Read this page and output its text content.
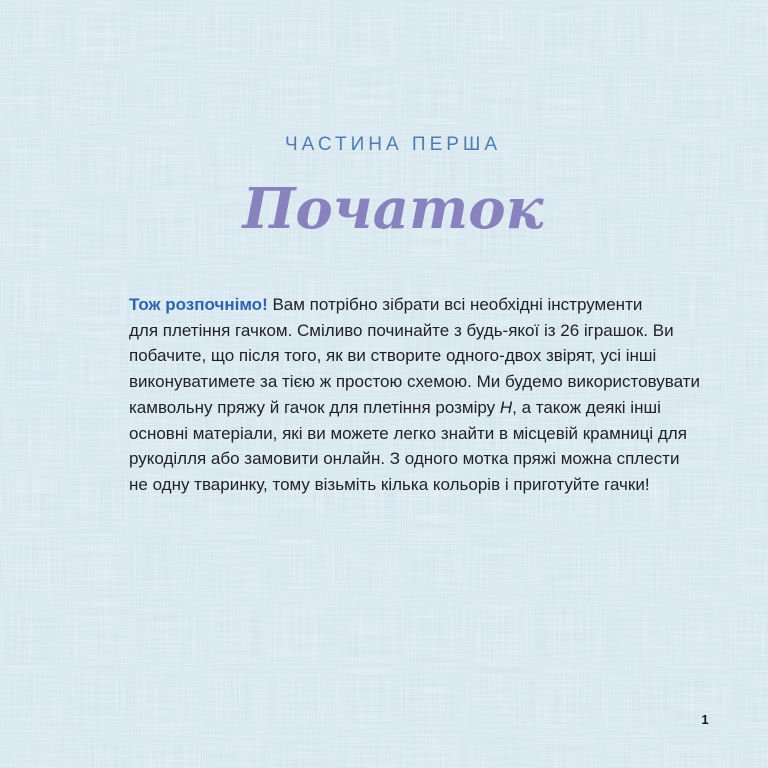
ЧАСТИНА ПЕРША
Початок

Тож розпочнімо! Вам потрібно зібрати всі необхідні інструменти

для плетіння гачком. Сміливо починайте з будь-якої із 26 іграшок. Ви

побачите, що після того, як ви створите одного-двох звірят, усі інші

виконуватимете за тією ж простою схемою. Ми будемо використовувати

камвольну пряжу й гачок для плетіння розміру H, а також деякі інші

основні матеріали, які ви можете легко знайти в місцевій крамниці для

рукоділля або замовити онлайн. З одного мотка пряжі можна сплести

не одну тваринку, тому візьміть кілька кольорів і приготуйте гачки!

1
